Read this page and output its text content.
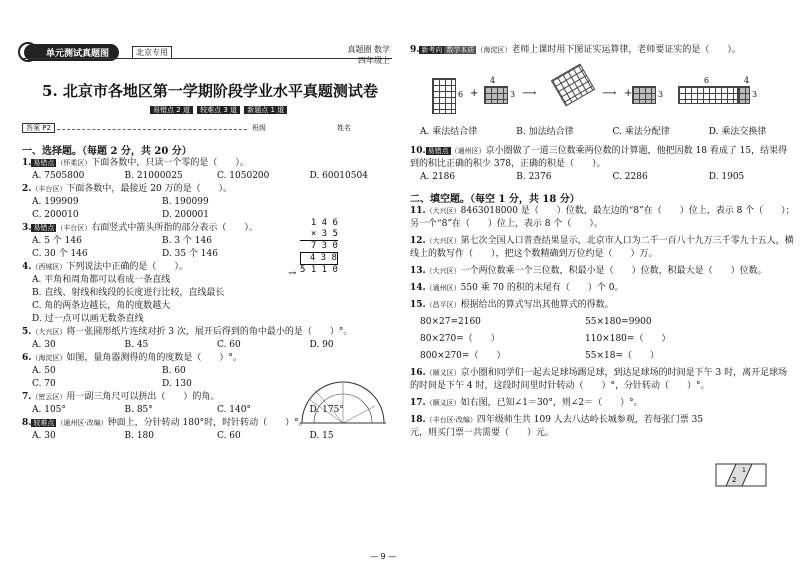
单元测试真题图	北京专用	真题圈 数学
四年级上
5. 北京市各地区第一学期阶段学业水平真题测试卷
易错点 2 道 较难点 3 道 新题点 1 道
答案 P2	班级	姓名
一、选择题。（每题 2 分，共 20 分）
1. 易错点 （怀柔区）下面各数中，只读一个零的是（　　）。
A. 7505800	B. 21000025	C. 1050200	D. 60010504
2.（丰台区）下面各数中，最接近 20 万的是（　　）。
A. 199909	B. 190099
C. 200010	D. 200001
3. 易错点 （丰台区）右面竖式中箭头所指的部分表示（　　）。
A. 5 个 146	B. 3 个 146
C. 30 个 146	D. 35 个 146
4.（西城区）下列说法中正确的是（　　）。
A. 平角和周角都可以看成一条直线
B. 直线、射线和线段的长度进行比较，直线最长
C. 角的两条边越长，角的度数越大
D. 过一点可以画无数条直线
5.（大兴区）将一张圆形纸片连续对折 3 次，展开后得到的角中最小的是（　　）°。
A. 30	B. 45	C. 60	D. 90
6.（海淀区）如图，量角器测得的角的度数是（　　）°。
A. 50	B. 60
C. 70	D. 130
7.（密云区）用一副三角尺可以拼出（　　）的角。
A. 105°	B. 85°	C. 140°	D. 175°
8. 较难点 （通州区·改编）钟面上，分针转动 180°时，时针转动（　　）°。
A. 30	B. 180	C. 60	D. 15
1 4 6
× 3 5
7 3 0
4 3 8
5 1 1 0
→
9. 新考向 数学本质 （海淀区）老师上课时用下图证实运算律，老师要证实的是（　　）。
6 +
4
3 ⟶	⟶ +	3
6	4
3
A. 乘法结合律	B. 加法结合律	C. 乘法分配律	D. 乘法交换律
10. 易错点 （通州区）京小圈做了一道三位数乘两位数的计算题，他把因数 18 看成了 15，结果得到的积比正确的积少 378，正确的积是（　　）。
A. 2186	B. 2376	C. 2286	D. 1905
二、填空题。（每空 1 分，共 18 分）
11.（大兴区）8463018000 是（　　）位数，最左边的“8”在（　　）位上，表示 8 个（　　）；另一个“8”在（　　）位上，表示 8 个（　　）。
12.（大兴区）第七次全国人口普查结果显示，北京市人口为二千一百八十九万三千零九十五人，横线上的数写作（　　），把这个数精确到万位约是（　　）万。
13.（大兴区）一个两位数乘一个三位数，积最小是（　　）位数，积最大是（　　）位数。
14.（通州区）550 乘 70 的积的末尾有（　　）个 0。
15.（昌平区）根据给出的算式写出其他算式的得数。
80×27=2160	55×180=9900
80×270=（　　）	110×180=（　　）
800×270=（　　）	55×18=（　　）
16.（顺义区）京小圈和同学们一起去足球场踢足球，到达足球场的时间是下午 3 时，离开足球场的时间是下午 4 时，这段时间里时针转动（　　）°，分针转动（　　）°。
17.（顺义区）如右图，已知∠1＝30°，则∠2＝（　　）°。
18.（丰台区·改编）四年级师生共 109 人去八达岭长城参观，若每张门票 35 元，则买门票一共需要（　　）元。
2
1
— 9 —
